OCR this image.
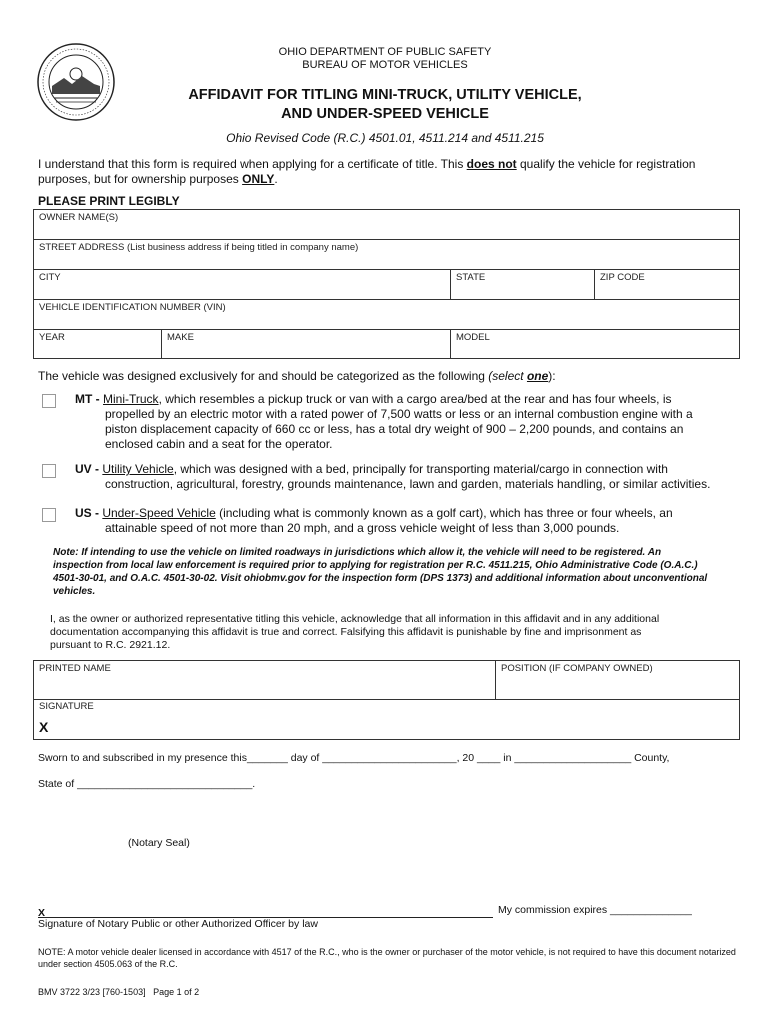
OHIO DEPARTMENT OF PUBLIC SAFETY
BUREAU OF MOTOR VEHICLES
AFFIDAVIT FOR TITLING MINI-TRUCK, UTILITY VEHICLE,
AND UNDER-SPEED VEHICLE
Ohio Revised Code (R.C.) 4501.01, 4511.214 and 4511.215
I understand that this form is required when applying for a certificate of title. This does not qualify the vehicle for registration purposes, but for ownership purposes ONLY.
PLEASE PRINT LEGIBLY
OWNER NAME(S)
STREET ADDRESS (List business address if being titled in company name)
CITY	STATE	ZIP CODE
VEHICLE IDENTIFICATION NUMBER (VIN)
YEAR	MAKE	MODEL
The vehicle was designed exclusively for and should be categorized as the following (select one):
MT - Mini-Truck, which resembles a pickup truck or van with a cargo area/bed at the rear and has four wheels, is
propelled by an electric motor with a rated power of 7,500 watts or less or an internal combustion engine with a
piston displacement capacity of 660 cc or less, has a total dry weight of 900 – 2,200 pounds, and contains an
enclosed cabin and a seat for the operator.
UV - Utility Vehicle, which was designed with a bed, principally for transporting material/cargo in connection with
construction, agricultural, forestry, grounds maintenance, lawn and garden, materials handling, or similar activities.
US - Under-Speed Vehicle (including what is commonly known as a golf cart), which has three or four wheels, an
attainable speed of not more than 20 mph, and a gross vehicle weight of less than 3,000 pounds.
Note: If intending to use the vehicle on limited roadways in jurisdictions which allow it, the vehicle will need to be registered. An inspection from local law enforcement is required prior to applying for registration per R.C. 4511.215, Ohio Administrative Code (O.A.C.) 4501-30-01, and O.A.C. 4501-30-02. Visit ohiobmv.gov for the inspection form (DPS 1373) and additional information about unconventional vehicles.
I, as the owner or authorized representative titling this vehicle, acknowledge that all information in this affidavit and in any additional documentation accompanying this affidavit is true and correct. Falsifying this affidavit is punishable by fine and imprisonment as pursuant to R.C. 2921.12.
PRINTED NAME	POSITION (IF COMPANY OWNED)
SIGNATURE
X
Sworn to and subscribed in my presence this_______ day of _______________________, 20 ____ in ____________________ County,
State of ______________________________.
(Notary Seal)
X	My commission expires ______________
Signature of Notary Public or other Authorized Officer by law
NOTE: A motor vehicle dealer licensed in accordance with 4517 of the R.C., who is the owner or purchaser of the motor vehicle, is not required to have this document notarized under section 4505.063 of the R.C.
BMV 3722 3/23 [760-1503]   Page 1 of 2
